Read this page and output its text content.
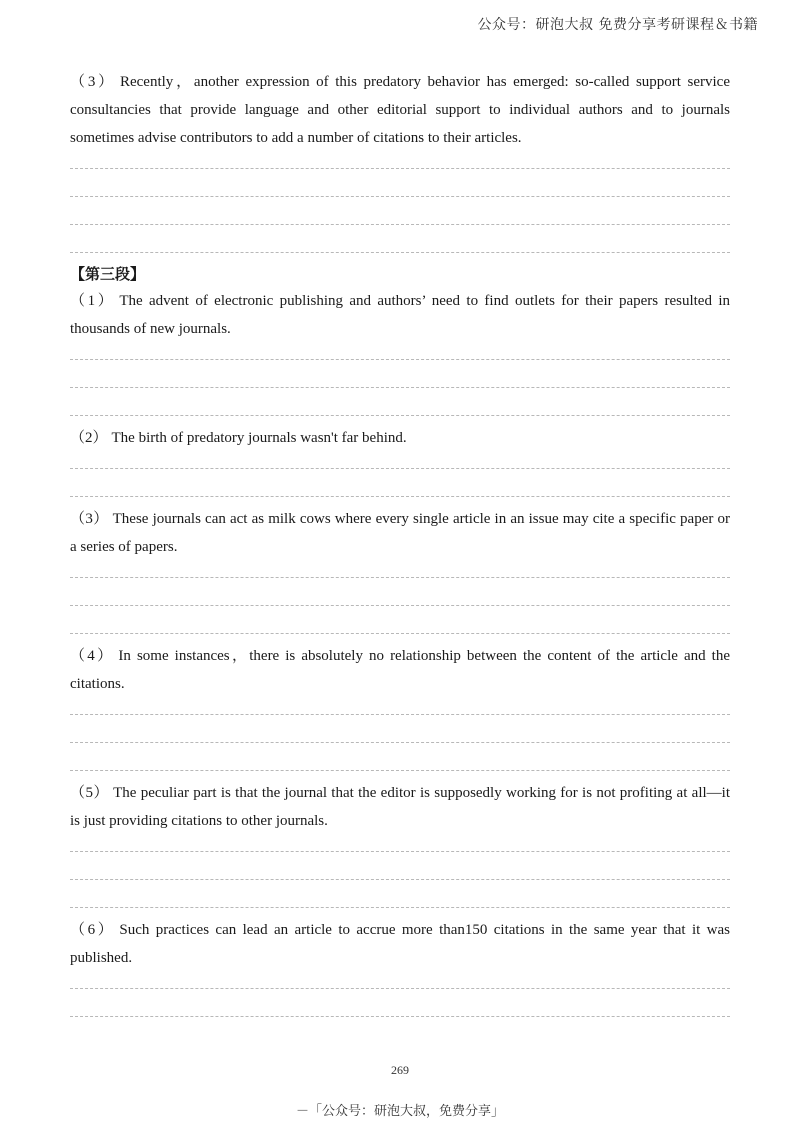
公众号：研泡大叔 免费分享考研课程＆书籍
（3） Recently，another expression of this predatory behavior has emerged: so-called support service consultancies that provide language and other editorial support to individual authors and to journals sometimes advise contributors to add a number of citations to their articles.
【第三段】
（1） The advent of electronic publishing and authors’ need to find outlets for their papers resulted in thousands of new journals.
（2） The birth of predatory journals wasn't far behind.
（3） These journals can act as milk cows where every single article in an issue may cite a specific paper or a series of papers.
（4） In some instances，there is absolutely no relationship between the content of the article and the citations.
（5） The peculiar part is that the journal that the editor is supposedly working for is not profiting at all—it is just providing citations to other journals.
（6） Such practices can lead an article to accrue more than150 citations in the same year that it was published.
269
－「公众号：研泡大叔，免费分享」
